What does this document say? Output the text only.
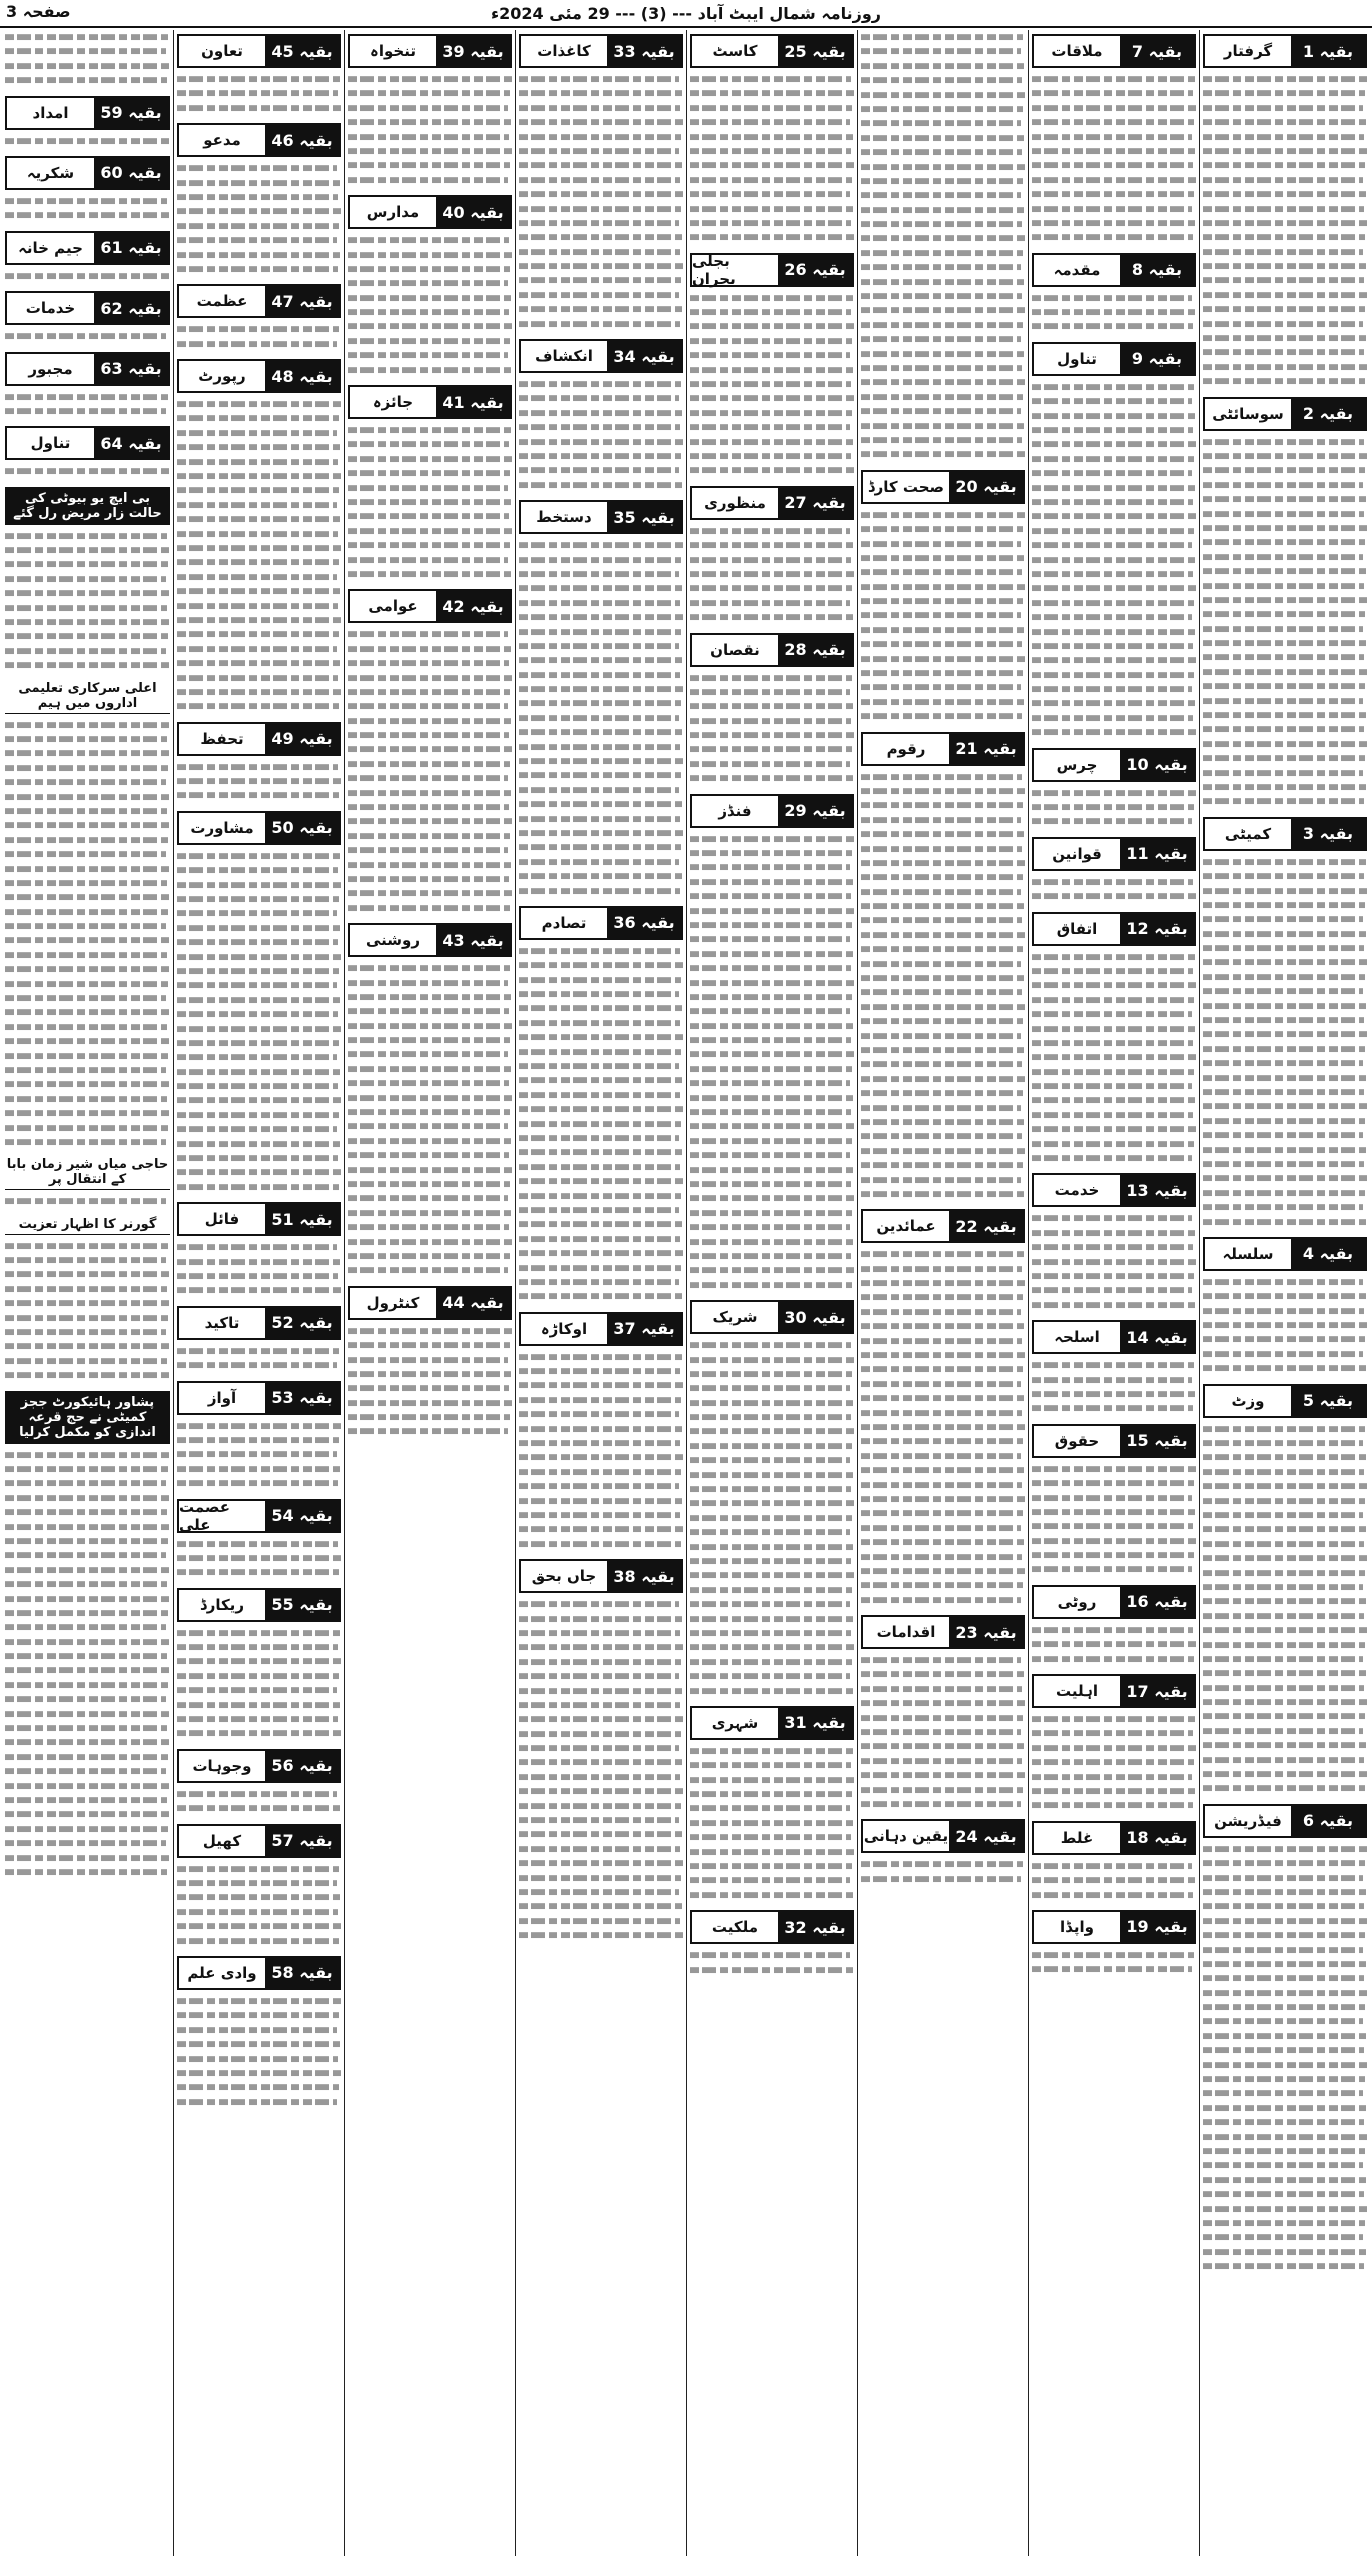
صفحہ 3	روزنامہ شمال ایبٹ آباد --- (3) --- 29 مئی 2024ء
بقیہ 1
گرفتار
بقیہ 2
سوسائٹی
بقیہ 3
کمیٹی
بقیہ 4
سلسلہ
بقیہ 5
وزٹ
بقیہ 6
فیڈریشن
بقیہ 7
ملاقات
بقیہ 8
مقدمہ
بقیہ 9
تناول
بقیہ 10
چرس
بقیہ 11
قوانین
بقیہ 12
اتفاق
بقیہ 13
خدمت
بقیہ 14
اسلحہ
بقیہ 15
حقوق
بقیہ 16
روٹی
بقیہ 17
اہلیت
بقیہ 18
غلط
بقیہ 19
واپڈا
بقیہ 20
صحت کارڈ
بقیہ 21
رقوم
بقیہ 22
عمائدین
بقیہ 23
اقدامات
بقیہ 24
یقین دہانی
بقیہ 25
کاسٹ
بقیہ 26
بجلی بحران
بقیہ 27
منظوری
بقیہ 28
نقصان
بقیہ 29
فنڈز
بقیہ 30
شریک
بقیہ 31
شہری
بقیہ 32
ملکیت
بقیہ 33
کاغذات
بقیہ 34
انکشاف
بقیہ 35
دستخط
بقیہ 36
تصادم
بقیہ 37
اوکاڑہ
بقیہ 38
جاں بحق
بقیہ 39
تنخواہ
بقیہ 40
مدارس
بقیہ 41
جائزہ
بقیہ 42
عوامی
بقیہ 43
روشنی
بقیہ 44
کنٹرول
بقیہ 45
تعاون
بقیہ 46
مدعو
بقیہ 47
عظمت
بقیہ 48
رپورٹ
بقیہ 49
تحفظ
بقیہ 50
مشاورت
بقیہ 51
فائل
بقیہ 52
تاکید
بقیہ 53
آواز
بقیہ 54
عصمت علی
بقیہ 55
ریکارڈ
بقیہ 56
وجوہات
بقیہ 57
کھیل
بقیہ 58
وادی علم
بقیہ 59
امداد
بقیہ 60
شکریہ
بقیہ 61
جیم خانہ
بقیہ 62
خدمات
بقیہ 63
مجبور
بقیہ 64
تناول
بی ایچ یو بیوٹی کی حالت زار مریض رل گئے
اعلی سرکاری تعلیمی اداروں میں ہیم
حاجی میاں شیر زمان بابا کے انتقال پر
گورنر کا اظہار تعزیت
پشاور ہائیکورٹ ججز کمیٹی نے حج قرعہ اندازی کو مکمل کرلیا
